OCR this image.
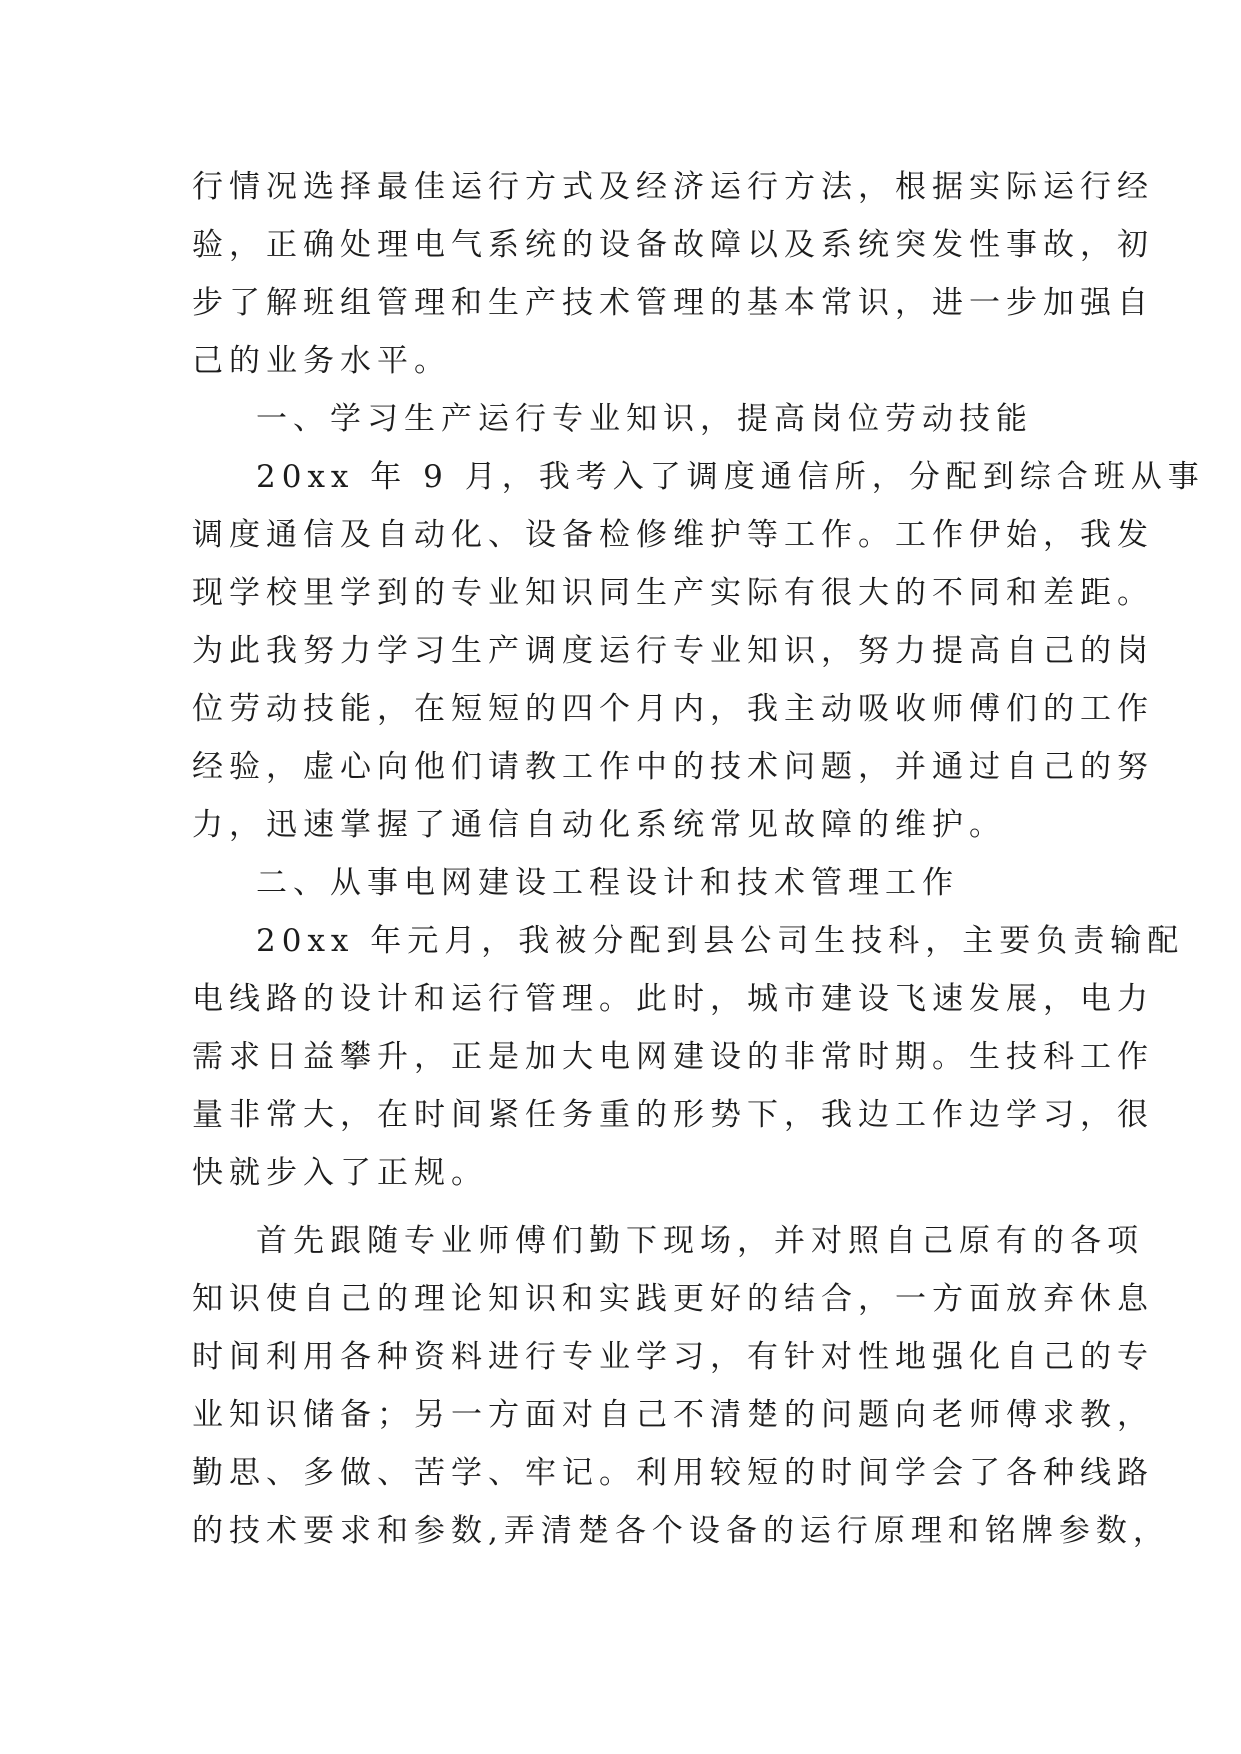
行情况选择最佳运行方式及经济运行方法，根据实际运行经
验，正确处理电气系统的设备故障以及系统突发性事故，初
步了解班组管理和生产技术管理的基本常识，进一步加强自
己的业务水平。
一、学习生产运行专业知识，提高岗位劳动技能
20xx 年 9 月，我考入了调度通信所，分配到综合班从事
调度通信及自动化、设备检修维护等工作。工作伊始，我发
现学校里学到的专业知识同生产实际有很大的不同和差距。
为此我努力学习生产调度运行专业知识，努力提高自己的岗
位劳动技能，在短短的四个月内，我主动吸收师傅们的工作
经验，虚心向他们请教工作中的技术问题，并通过自己的努
力，迅速掌握了通信自动化系统常见故障的维护。
二、从事电网建设工程设计和技术管理工作
20xx 年元月，我被分配到县公司生技科，主要负责输配
电线路的设计和运行管理。此时，城市建设飞速发展，电力
需求日益攀升，正是加大电网建设的非常时期。生技科工作
量非常大，在时间紧任务重的形势下，我边工作边学习，很
快就步入了正规。
首先跟随专业师傅们勤下现场，并对照自己原有的各项
知识使自己的理论知识和实践更好的结合，一方面放弃休息
时间利用各种资料进行专业学习，有针对性地强化自己的专
业知识储备；另一方面对自己不清楚的问题向老师傅求教，
勤思、多做、苦学、牢记。利用较短的时间学会了各种线路
的技术要求和参数,弄清楚各个设备的运行原理和铭牌参数，
